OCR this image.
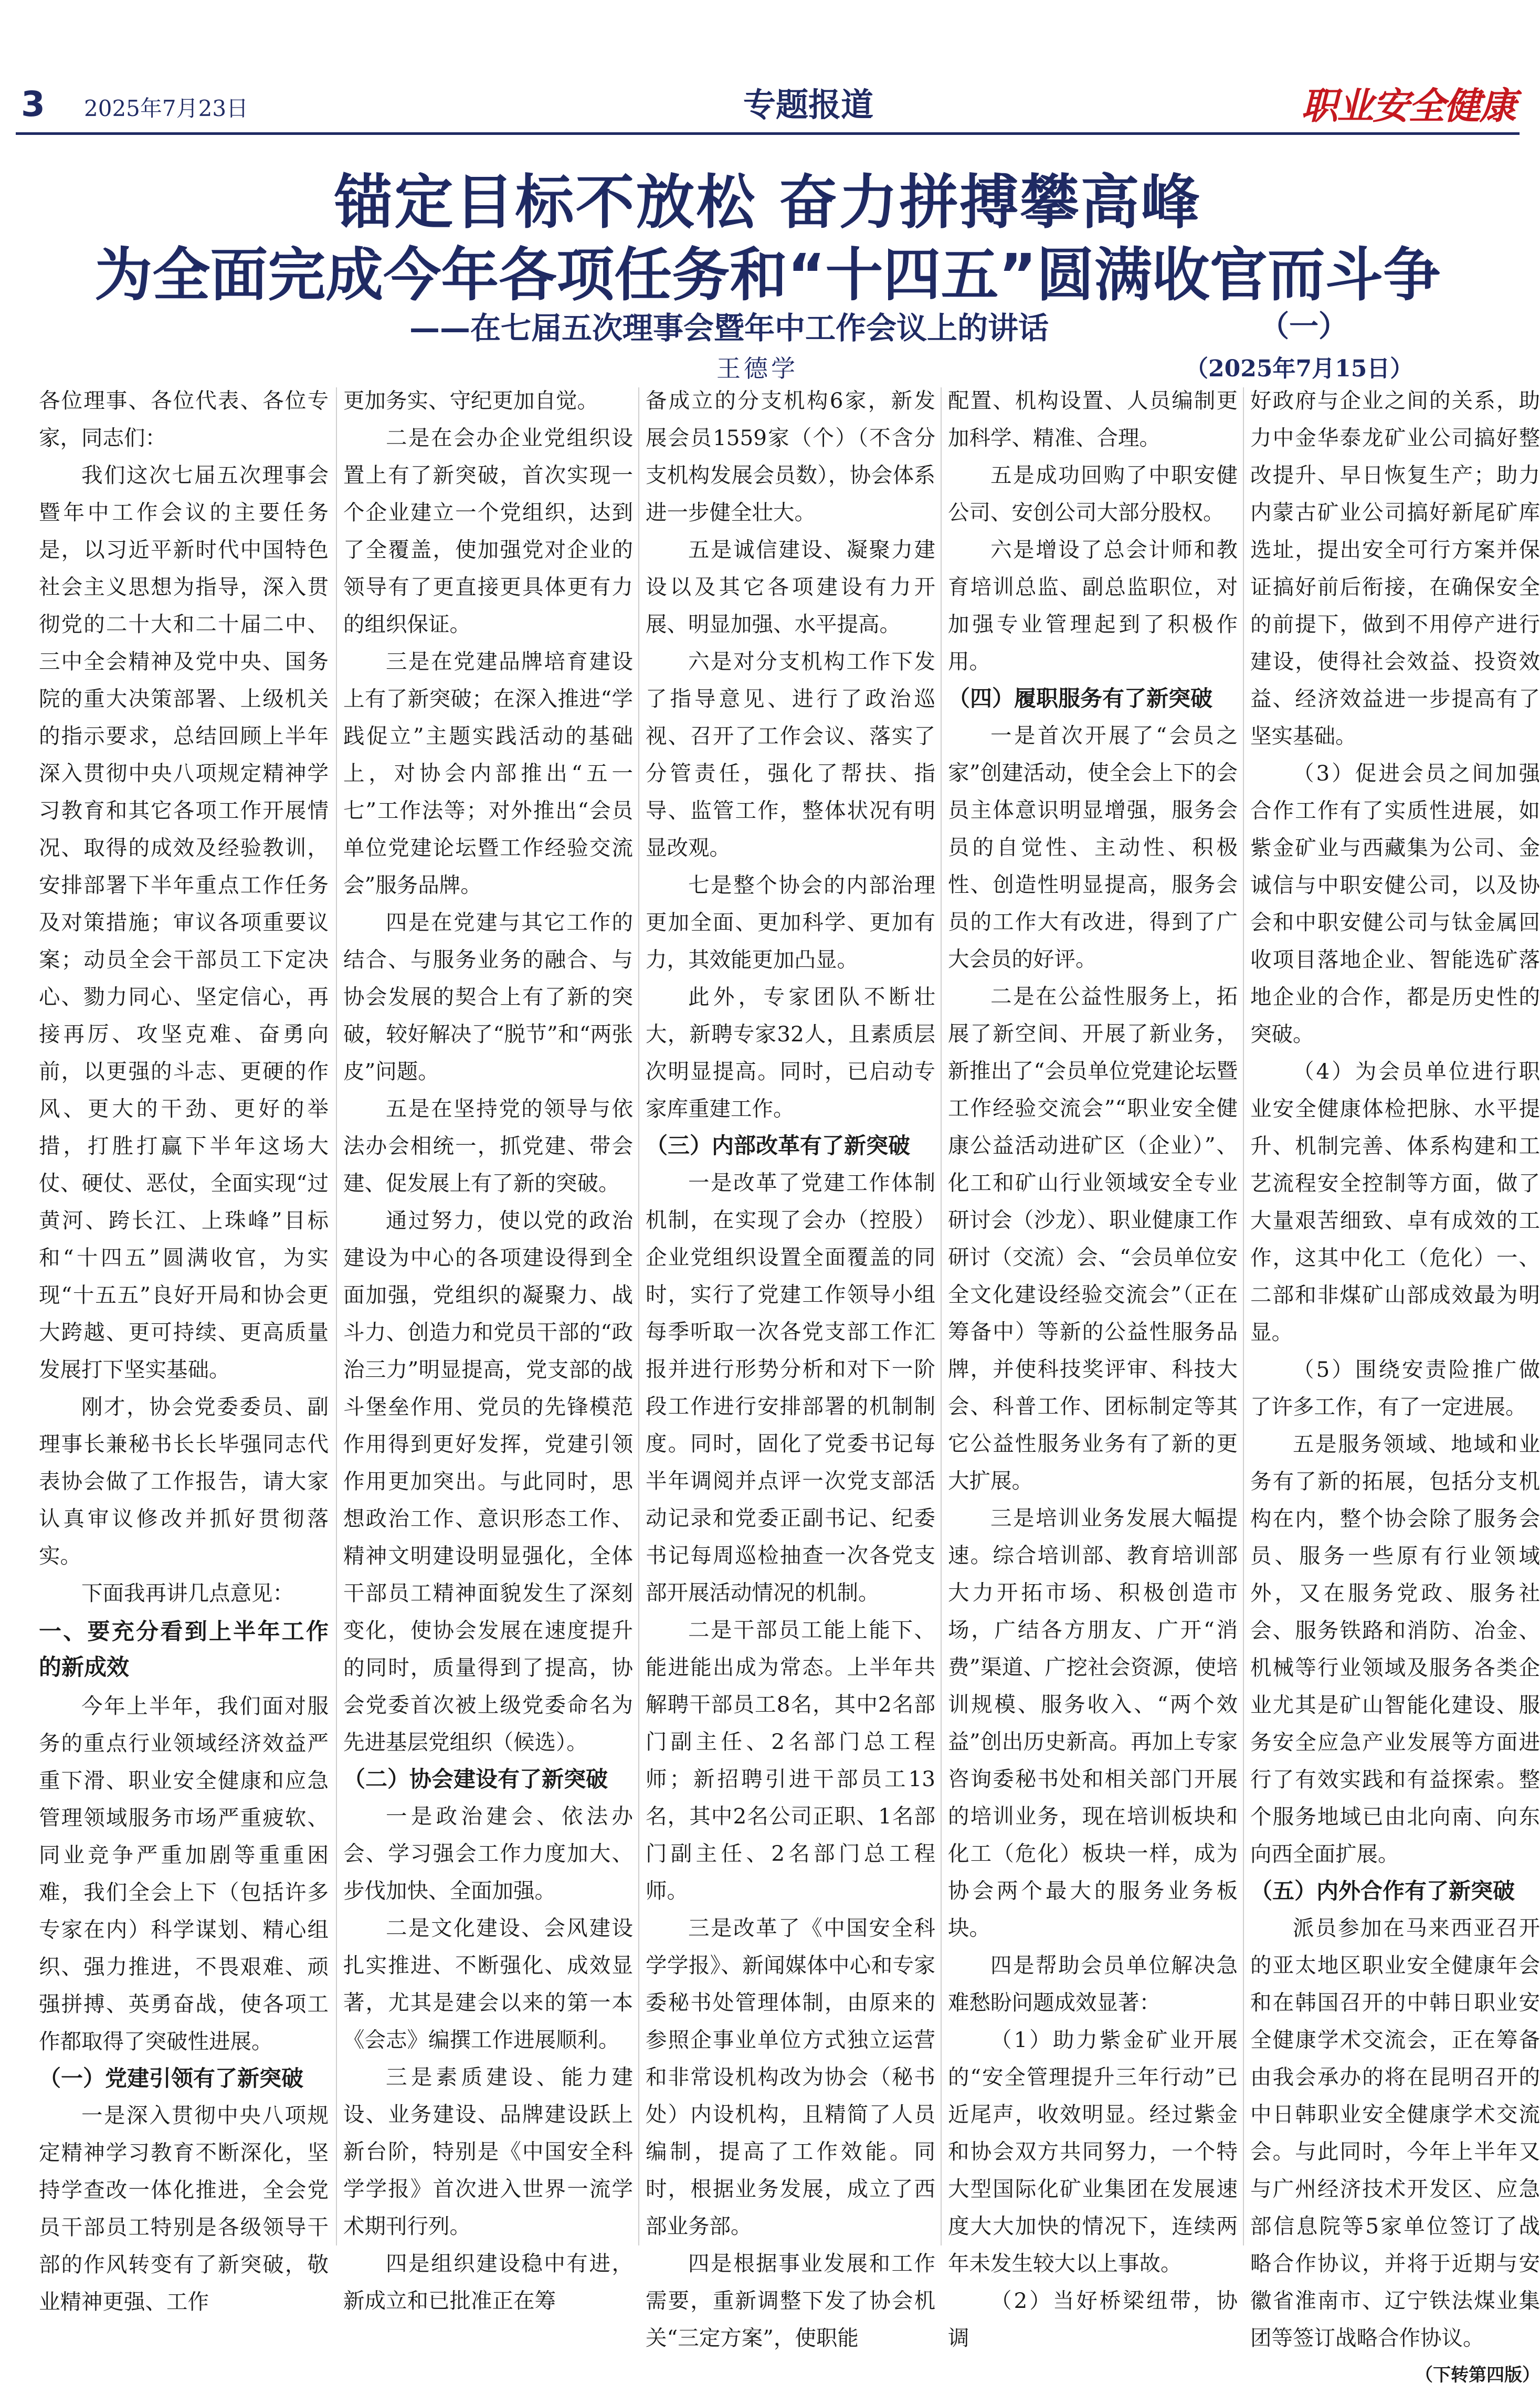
3 2025年7月23日	专题报道	职业安全健康
锚定目标不放松 奋力拼搏攀高峰
为全面完成今年各项任务和“十四五”圆满收官而斗争
——在七届五次理事会暨年中工作会议上的讲话	（一）
王德学	（2025年7月15日）

各位理事、各位代表、各位专家，同志们：

我们这次七届五次理事会暨年中工作会议的主要任务是，以习近平新时代中国特色社会主义思想为指导，深入贯彻党的二十大和二十届二中、三中全会精神及党中央、国务院的重大决策部署、上级机关的指示要求，总结回顾上半年深入贯彻中央八项规定精神学习教育和其它各项工作开展情况、取得的成效及经验教训，安排部署下半年重点工作任务及对策措施；审议各项重要议案；动员全会干部员工下定决心、勠力同心、坚定信心，再接再厉、攻坚克难、奋勇向前，以更强的斗志、更硬的作风、更大的干劲、更好的举措，打胜打赢下半年这场大仗、硬仗、恶仗，全面实现“过黄河、跨长江、上珠峰”目标和“十四五”圆满收官，为实现“十五五”良好开局和协会更大跨越、更可持续、更高质量发展打下坚实基础。

刚才，协会党委委员、副理事长兼秘书长长毕强同志代表协会做了工作报告，请大家认真审议修改并抓好贯彻落实。

下面我再讲几点意见：

一、要充分看到上半年工作的新成效

今年上半年，我们面对服务的重点行业领域经济效益严重下滑、职业安全健康和应急管理领域服务市场严重疲软、同业竞争严重加剧等重重困难，我们全会上下（包括许多专家在内）科学谋划、精心组织、强力推进，不畏艰难、顽强拼搏、英勇奋战，使各项工作都取得了突破性进展。

（一）党建引领有了新突破

一是深入贯彻中央八项规定精神学习教育不断深化，坚持学查改一体化推进，全会党员干部员工特别是各级领导干部的作风转变有了新突破，敬业精神更强、工作

更加务实、守纪更加自觉。

二是在会办企业党组织设置上有了新突破，首次实现一个企业建立一个党组织，达到了全覆盖，使加强党对企业的领导有了更直接更具体更有力的组织保证。

三是在党建品牌培育建设上有了新突破；在深入推进“学践促立”主题实践活动的基础上，对协会内部推出“五一七”工作法等；对外推出“会员单位党建论坛暨工作经验交流会”服务品牌。

四是在党建与其它工作的结合、与服务业务的融合、与协会发展的契合上有了新的突破，较好解决了“脱节”和“两张皮”问题。

五是在坚持党的领导与依法办会相统一，抓党建、带会建、促发展上有了新的突破。

通过努力，使以党的政治建设为中心的各项建设得到全面加强，党组织的凝聚力、战斗力、创造力和党员干部的“政治三力”明显提高，党支部的战斗堡垒作用、党员的先锋模范作用得到更好发挥，党建引领作用更加突出。与此同时，思想政治工作、意识形态工作、精神文明建设明显强化，全体干部员工精神面貌发生了深刻变化，使协会发展在速度提升的同时，质量得到了提高，协会党委首次被上级党委命名为先进基层党组织（候选）。

（二）协会建设有了新突破

一是政治建会、依法办会、学习强会工作力度加大、步伐加快、全面加强。

二是文化建设、会风建设扎实推进、不断强化、成效显著，尤其是建会以来的第一本《会志》编撰工作进展顺利。

三是素质建设、能力建设、业务建设、品牌建设跃上新台阶，特别是《中国安全科学学报》首次进入世界一流学术期刊行列。

四是组织建设稳中有进，新成立和已批准正在筹

备成立的分支机构6家，新发展会员1559家（个）（不含分支机构发展会员数），协会体系进一步健全壮大。

五是诚信建设、凝聚力建设以及其它各项建设有力开展、明显加强、水平提高。

六是对分支机构工作下发了指导意见、进行了政治巡视、召开了工作会议、落实了分管责任，强化了帮扶、指导、监管工作，整体状况有明显改观。

七是整个协会的内部治理更加全面、更加科学、更加有力，其效能更加凸显。

此外，专家团队不断壮大，新聘专家32人，且素质层次明显提高。同时，已启动专家库重建工作。

（三）内部改革有了新突破

一是改革了党建工作体制机制，在实现了会办（控股）企业党组织设置全面覆盖的同时，实行了党建工作领导小组每季听取一次各党支部工作汇报并进行形势分析和对下一阶段工作进行安排部署的机制制度。同时，固化了党委书记每半年调阅并点评一次党支部活动记录和党委正副书记、纪委书记每周巡检抽查一次各党支部开展活动情况的机制。

二是干部员工能上能下、能进能出成为常态。上半年共解聘干部员工8名，其中2名部门副主任、2名部门总工程师；新招聘引进干部员工13名，其中2名公司正职、1名部门副主任、2名部门总工程师。

三是改革了《中国安全科学学报》、新闻媒体中心和专家委秘书处管理体制，由原来的参照企事业单位方式独立运营和非常设机构改为协会（秘书处）内设机构，且精简了人员编制，提高了工作效能。同时，根据业务发展，成立了西部业务部。

四是根据事业发展和工作需要，重新调整下发了协会机关“三定方案”，使职能

配置、机构设置、人员编制更加科学、精准、合理。

五是成功回购了中职安健公司、安创公司大部分股权。

六是增设了总会计师和教育培训总监、副总监职位，对加强专业管理起到了积极作用。

（四）履职服务有了新突破

一是首次开展了“会员之家”创建活动，使全会上下的会员主体意识明显增强，服务会员的自觉性、主动性、积极性、创造性明显提高，服务会员的工作大有改进，得到了广大会员的好评。

二是在公益性服务上，拓展了新空间、开展了新业务，新推出了“会员单位党建论坛暨工作经验交流会”“职业安全健康公益活动进矿区（企业）”、化工和矿山行业领域安全专业研讨会（沙龙）、职业健康工作研讨（交流）会、“会员单位安全文化建设经验交流会”（正在筹备中）等新的公益性服务品牌，并使科技奖评审、科技大会、科普工作、团标制定等其它公益性服务业务有了新的更大扩展。

三是培训业务发展大幅提速。综合培训部、教育培训部大力开拓市场、积极创造市场，广结各方朋友、广开“消费”渠道、广挖社会资源，使培训规模、服务收入、“两个效益”创出历史新高。再加上专家咨询委秘书处和相关部门开展的培训业务，现在培训板块和化工（危化）板块一样，成为协会两个最大的服务业务板块。

四是帮助会员单位解决急难愁盼问题成效显著：

（1）助力紫金矿业开展的“安全管理提升三年行动”已近尾声，收效明显。经过紫金和协会双方共同努力，一个特大型国际化矿业集团在发展速度大大加快的情况下，连续两年未发生较大以上事故。

（2）当好桥梁纽带，协调

好政府与企业之间的关系，助力中金华泰龙矿业公司搞好整改提升、早日恢复生产；助力内蒙古矿业公司搞好新尾矿库选址，提出安全可行方案并保证搞好前后衔接，在确保安全的前提下，做到不用停产进行建设，使得社会效益、投资效益、经济效益进一步提高有了坚实基础。

（3）促进会员之间加强合作工作有了实质性进展，如紫金矿业与西藏集为公司、金诚信与中职安健公司，以及协会和中职安健公司与钛金属回收项目落地企业、智能选矿落地企业的合作，都是历史性的突破。

（4）为会员单位进行职业安全健康体检把脉、水平提升、机制完善、体系构建和工艺流程安全控制等方面，做了大量艰苦细致、卓有成效的工作，这其中化工（危化）一、二部和非煤矿山部成效最为明显。

（5）围绕安责险推广做了许多工作，有了一定进展。

五是服务领域、地域和业务有了新的拓展，包括分支机构在内，整个协会除了服务会员、服务一些原有行业领域外，又在服务党政、服务社会、服务铁路和消防、冶金、机械等行业领域及服务各类企业尤其是矿山智能化建设、服务安全应急产业发展等方面进行了有效实践和有益探索。整个服务地域已由北向南、向东向西全面扩展。

（五）内外合作有了新突破

派员参加在马来西亚召开的亚太地区职业安全健康年会和在韩国召开的中韩日职业安全健康学术交流会，正在筹备由我会承办的将在昆明召开的中日韩职业安全健康学术交流会。与此同时，今年上半年又与广州经济技术开发区、应急部信息院等5家单位签订了战略合作协议，并将于近期与安徽省淮南市、辽宁铁法煤业集团等签订战略合作协议。

（下转第四版）
